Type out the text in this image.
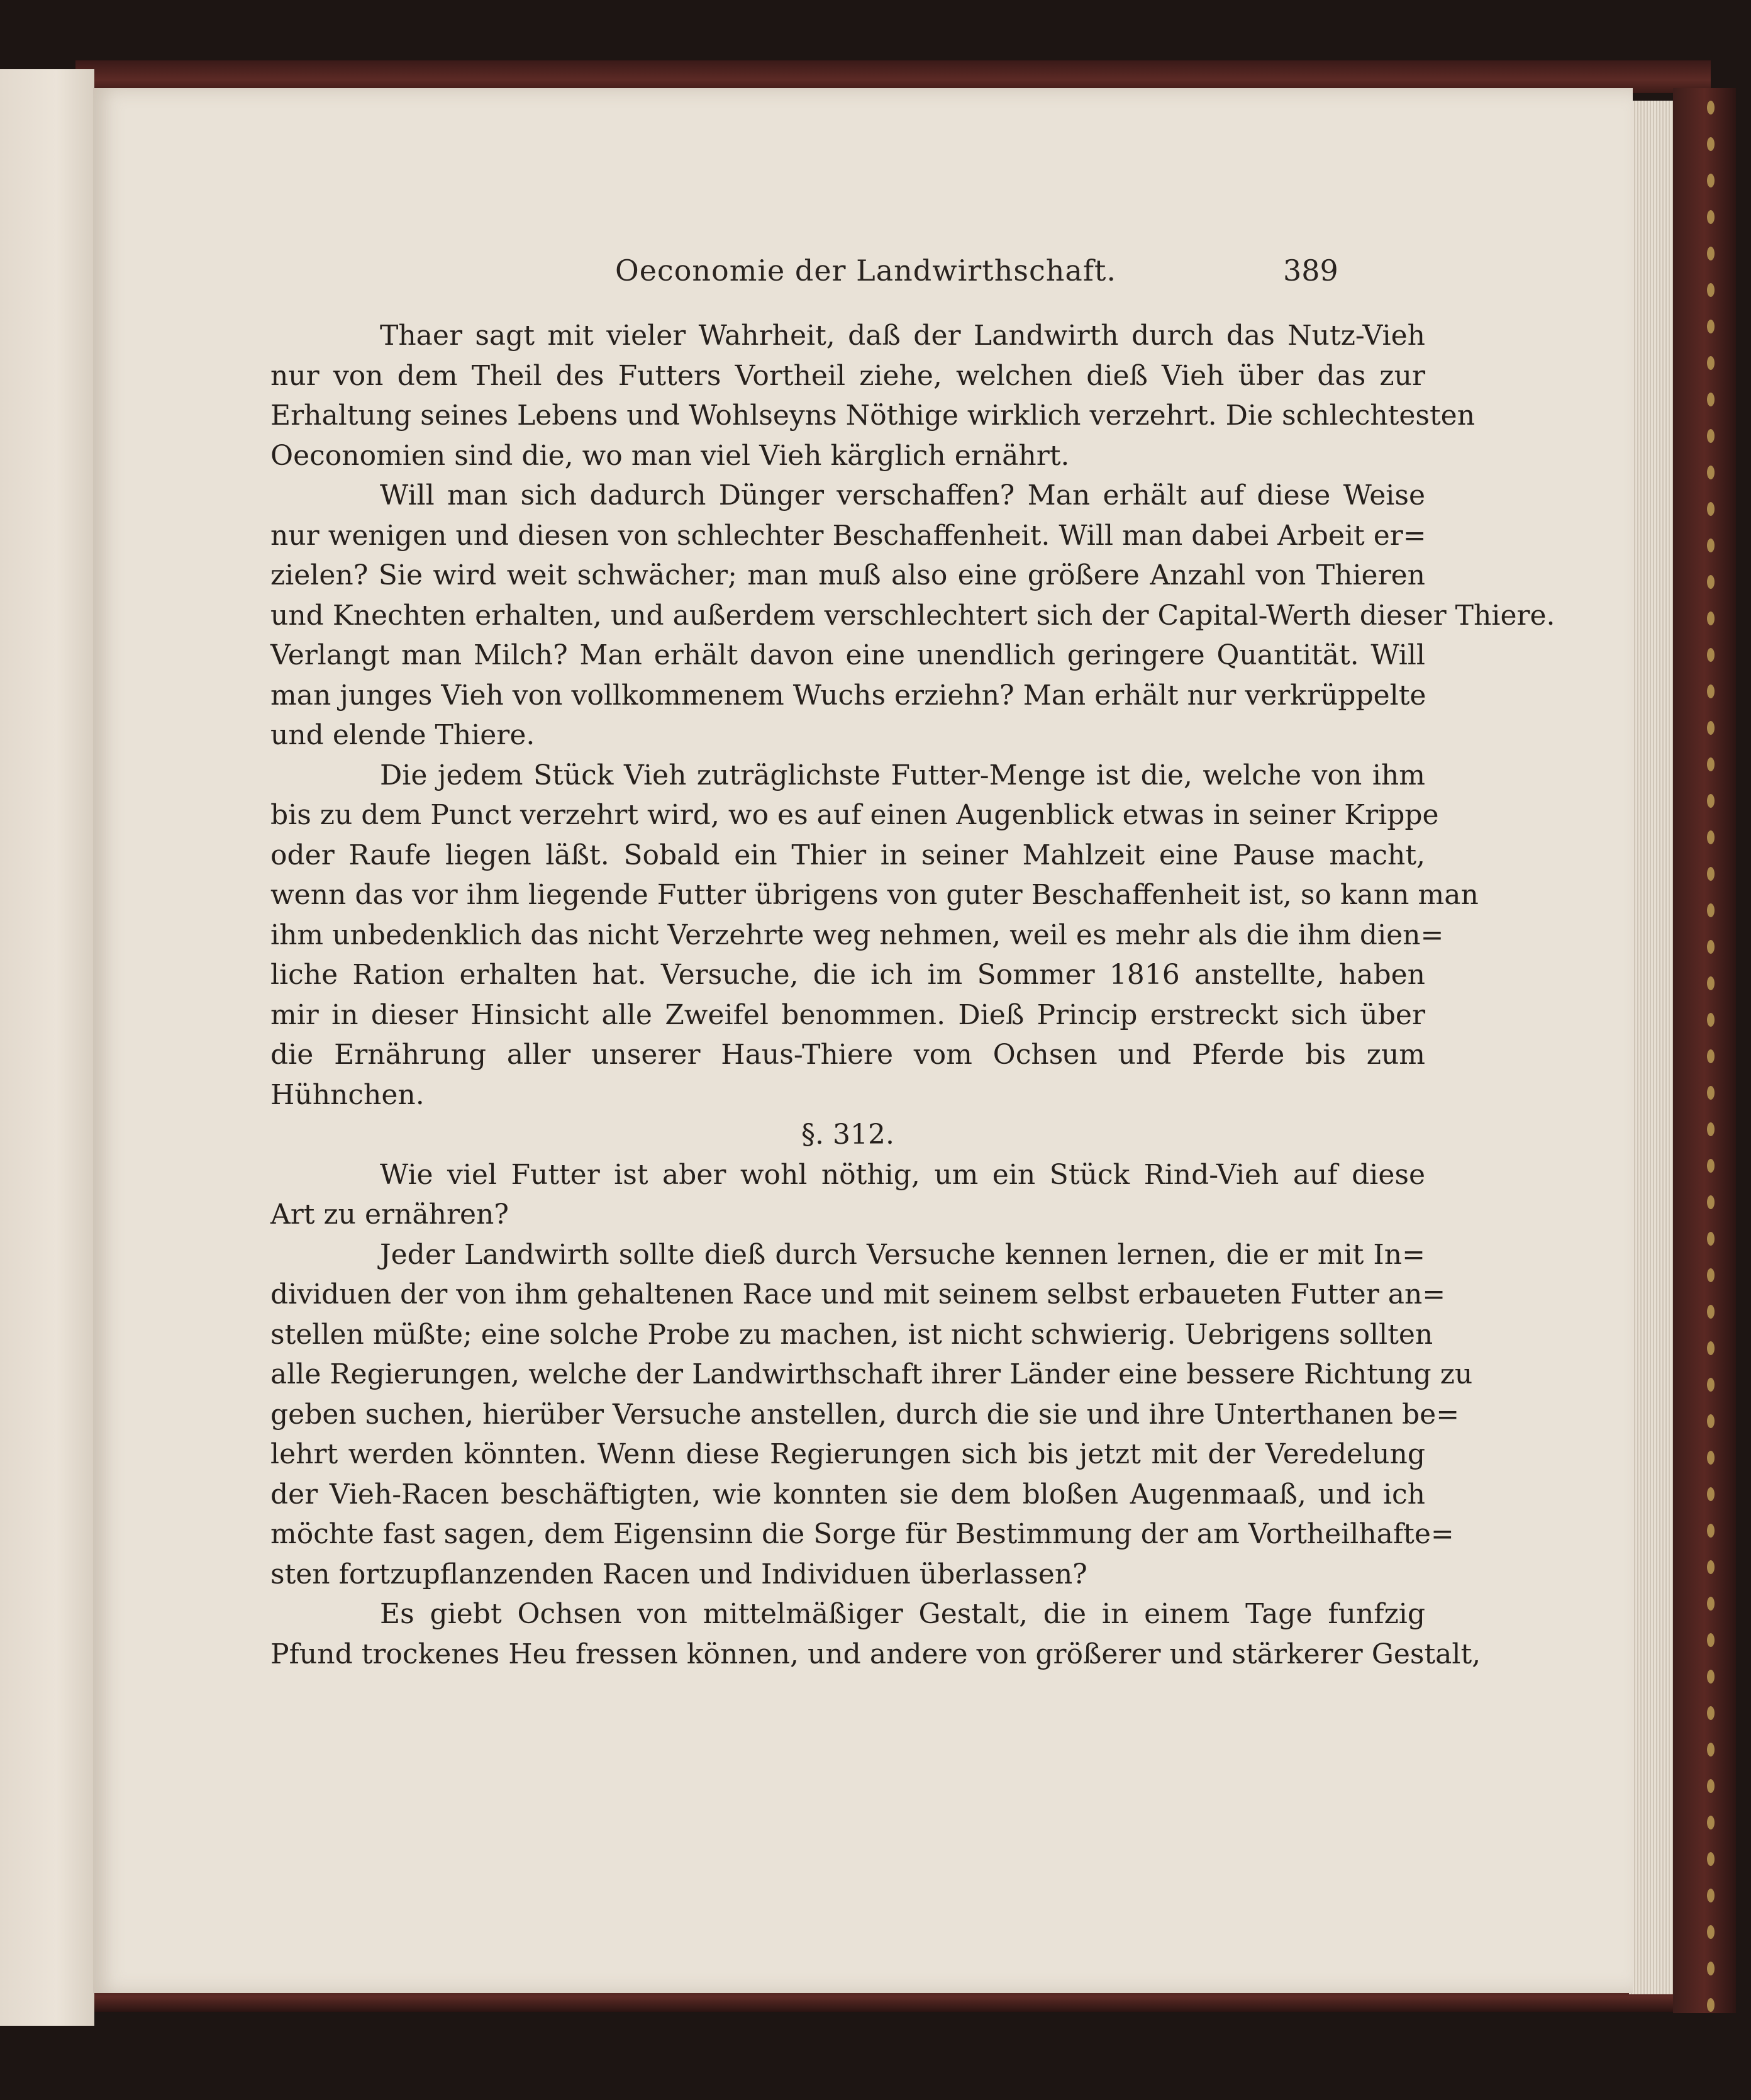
Oeconomie der Landwirthschaft.	389
Thaer sagt mit vieler Wahrheit, daß der Landwirth durch das Nutz-Vieh
nur von dem Theil des Futters Vortheil ziehe, welchen dieß Vieh über das zur
Erhaltung seines Lebens und Wohlseyns Nöthige wirklich verzehrt. Die schlechtesten
Oeconomien sind die, wo man viel Vieh kärglich ernährt.
Will man sich dadurch Dünger verschaffen? Man erhält auf diese Weise
nur wenigen und diesen von schlechter Beschaffenheit. Will man dabei Arbeit er=
zielen? Sie wird weit schwächer; man muß also eine größere Anzahl von Thieren
und Knechten erhalten, und außerdem verschlechtert sich der Capital-Werth dieser Thiere.
Verlangt man Milch? Man erhält davon eine unendlich geringere Quantität. Will
man junges Vieh von vollkommenem Wuchs erziehn? Man erhält nur verkrüppelte
und elende Thiere.
Die jedem Stück Vieh zuträglichste Futter-Menge ist die, welche von ihm
bis zu dem Punct verzehrt wird, wo es auf einen Augenblick etwas in seiner Krippe
oder Raufe liegen läßt. Sobald ein Thier in seiner Mahlzeit eine Pause macht,
wenn das vor ihm liegende Futter übrigens von guter Beschaffenheit ist, so kann man
ihm unbedenklich das nicht Verzehrte weg nehmen, weil es mehr als die ihm dien=
liche Ration erhalten hat. Versuche, die ich im Sommer 1816 anstellte, haben
mir in dieser Hinsicht alle Zweifel benommen. Dieß Princip erstreckt sich über
die Ernährung aller unserer Haus-Thiere vom Ochsen und Pferde bis zum
Hühnchen.
§. 312.
Wie viel Futter ist aber wohl nöthig, um ein Stück Rind-Vieh auf diese
Art zu ernähren?
Jeder Landwirth sollte dieß durch Versuche kennen lernen, die er mit In=
dividuen der von ihm gehaltenen Race und mit seinem selbst erbaueten Futter an=
stellen müßte; eine solche Probe zu machen, ist nicht schwierig. Uebrigens sollten
alle Regierungen, welche der Landwirthschaft ihrer Länder eine bessere Richtung zu
geben suchen, hierüber Versuche anstellen, durch die sie und ihre Unterthanen be=
lehrt werden könnten. Wenn diese Regierungen sich bis jetzt mit der Veredelung
der Vieh-Racen beschäftigten, wie konnten sie dem bloßen Augenmaaß, und ich
möchte fast sagen, dem Eigensinn die Sorge für Bestimmung der am Vortheilhafte=
sten fortzupflanzenden Racen und Individuen überlassen?
Es giebt Ochsen von mittelmäßiger Gestalt, die in einem Tage funfzig
Pfund trockenes Heu fressen können, und andere von größerer und stärkerer Gestalt,
